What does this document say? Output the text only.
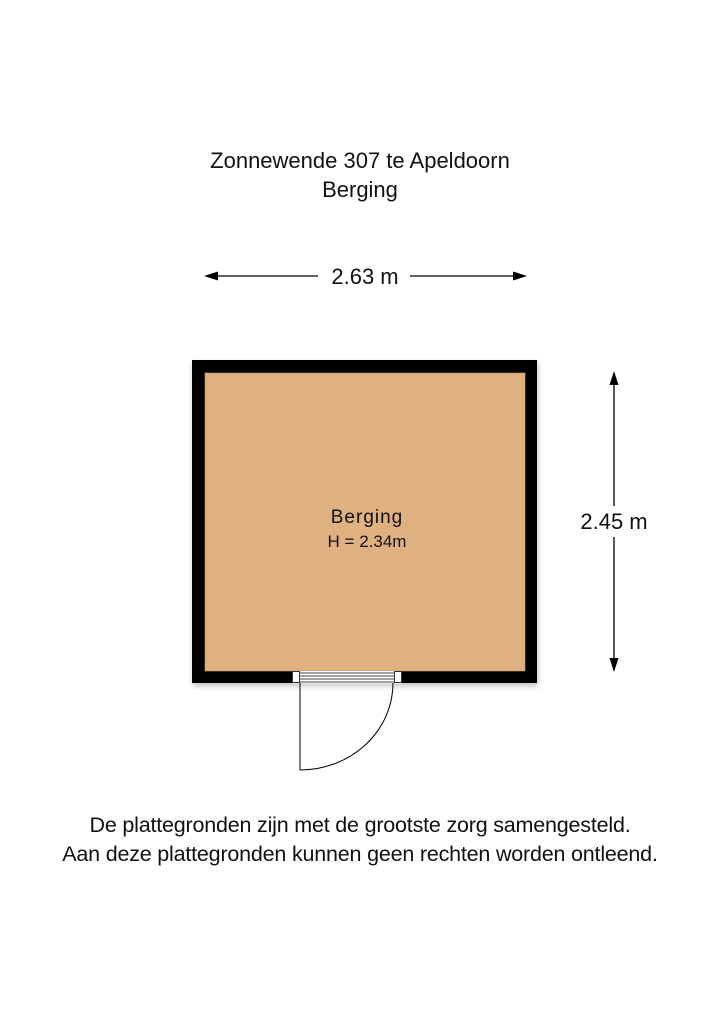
Zonnewende 307 te Apeldoorn
Berging
2.63 m
2.45 m
Berging
H = 2.34m
De plattegronden zijn met de grootste zorg samengesteld.
Aan deze plattegronden kunnen geen rechten worden ontleend.
